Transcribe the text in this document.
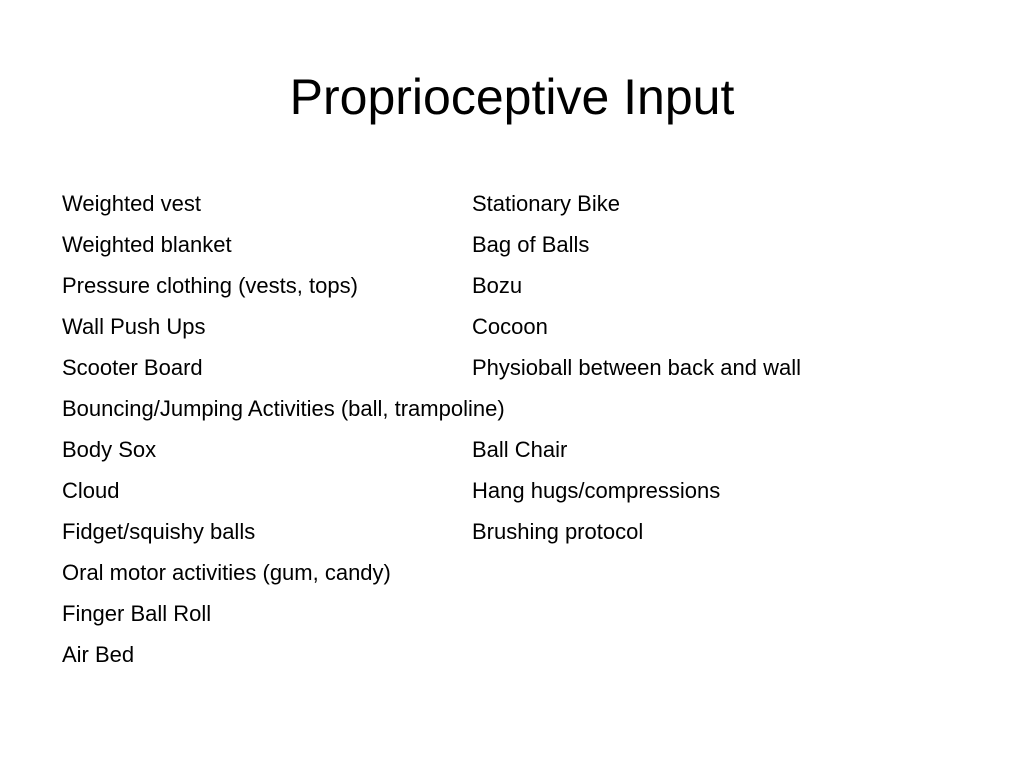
Proprioceptive Input
Weighted vest	Stationary Bike
Weighted blanket	Bag of Balls
Pressure clothing (vests, tops)	Bozu
Wall Push Ups	Cocoon
Scooter Board	Physioball between back and wall
Bouncing/Jumping Activities (ball, trampoline)
Body Sox	Ball Chair
Cloud	Hang hugs/compressions
Fidget/squishy balls	Brushing protocol
Oral motor activities (gum, candy)
Finger Ball Roll
Air Bed
